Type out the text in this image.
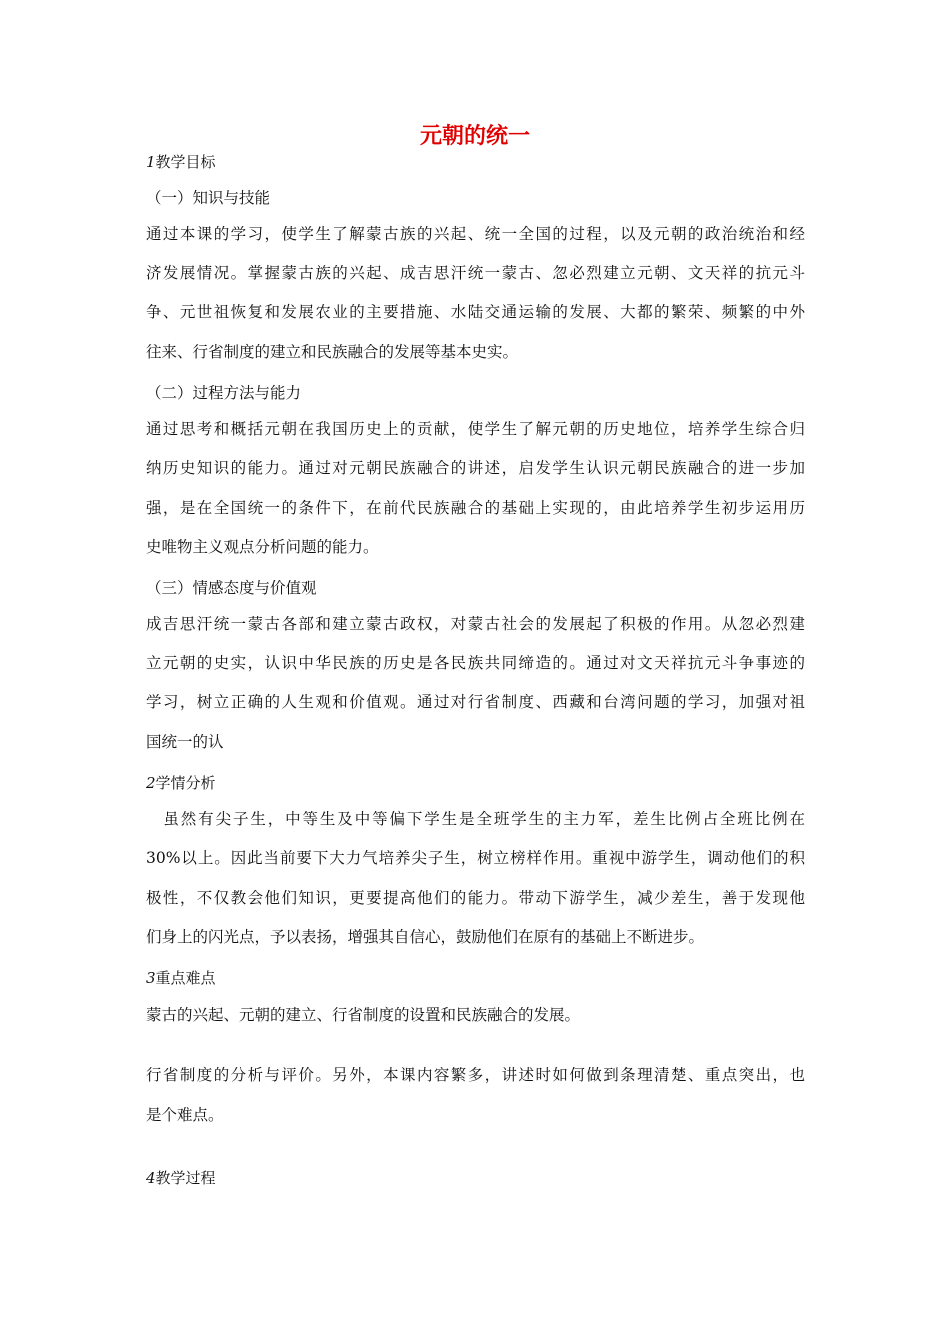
元朝的统一
1教学目标
（一）知识与技能
通过本课的学习，使学生了解蒙古族的兴起、统一全国的过程，以及元朝的政治统治和经
济发展情况。掌握蒙古族的兴起、成吉思汗统一蒙古、忽必烈建立元朝、文天祥的抗元斗
争、元世祖恢复和发展农业的主要措施、水陆交通运输的发展、大都的繁荣、频繁的中外
往来、行省制度的建立和民族融合的发展等基本史实。
（二）过程方法与能力
通过思考和概括元朝在我国历史上的贡献，使学生了解元朝的历史地位，培养学生综合归
纳历史知识的能力。通过对元朝民族融合的讲述，启发学生认识元朝民族融合的进一步加
强，是在全国统一的条件下，在前代民族融合的基础上实现的，由此培养学生初步运用历
史唯物主义观点分析问题的能力。
（三）情感态度与价值观
成吉思汗统一蒙古各部和建立蒙古政权，对蒙古社会的发展起了积极的作用。从忽必烈建
立元朝的史实，认识中华民族的历史是各民族共同缔造的。通过对文天祥抗元斗争事迹的
学习，树立正确的人生观和价值观。通过对行省制度、西藏和台湾问题的学习，加强对祖
国统一的认
2学情分析
　虽然有尖子生，中等生及中等偏下学生是全班学生的主力军，差生比例占全班比例在
30%以上。因此当前要下大力气培养尖子生，树立榜样作用。重视中游学生，调动他们的积
极性，不仅教会他们知识，更要提高他们的能力。带动下游学生，减少差生，善于发现他
们身上的闪光点，予以表扬，增强其自信心，鼓励他们在原有的基础上不断进步。
3重点难点
蒙古的兴起、元朝的建立、行省制度的设置和民族融合的发展。
行省制度的分析与评价。另外，本课内容繁多，讲述时如何做到条理清楚、重点突出，也
是个难点。
4教学过程
